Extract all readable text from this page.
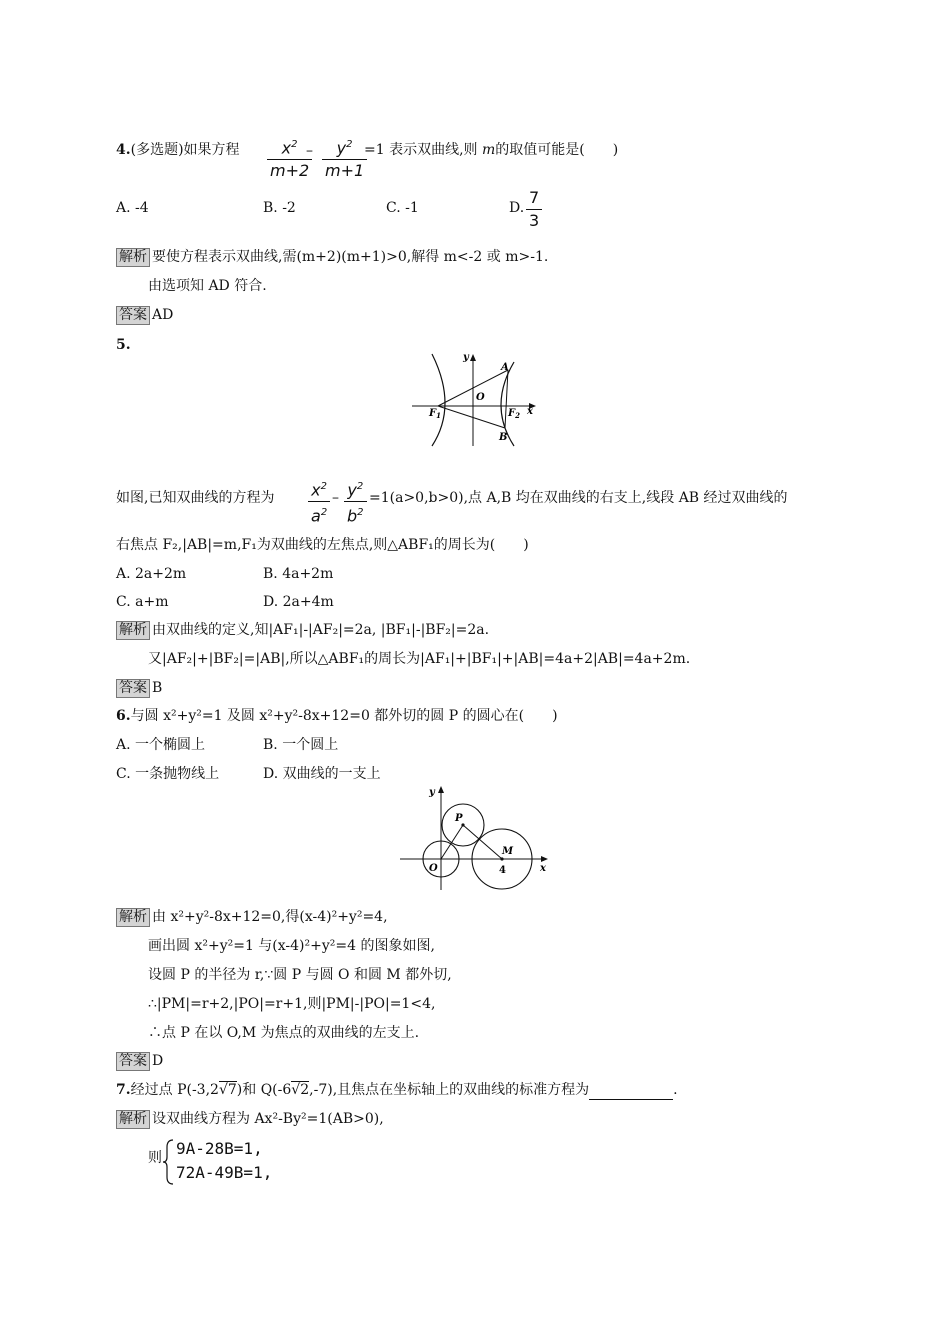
4.(多选题)如果方程 $\frac{x^2}{m+2}$
– $\frac{y^2}{m+1}$
=1 表示双曲线,则 m的取值可能是(　　)
A. -4	B. -2	C. -1	D. $\frac{7}{3}$
解析 要使方程表示双曲线,需(m+2)(m+1)>0,解得 m<-2 或 m>-1.
由选项知 AD 符合.
答案 AD
5.
y
A
O
$F_1$	$F_2$ x
B
如图,已知双曲线的方程为 $\frac{x^2}{a^2} - \frac{y^2}{b^2} =1(a>0,b>0)$,点 A,B 均在双曲线的右支上,线段 AB 经过双曲线的
右焦点 F₂,|AB|=m,F₁为双曲线的左焦点,则△ABF₁的周长为(　　)
A. 2a+2m	B. 4a+2m
C. a+m	D. 2a+4m
解析 由双曲线的定义,知|AF₁|-|AF₂|=2a, |BF₁|-|BF₂|=2a.
又|AF₂|+|BF₂|=|AB|,所以△ABF₁的周长为|AF₁|+|BF₁|+|AB|=4a+2|AB|=4a+2m.
答案 B
6.与圆 x²+y²=1 及圆 x²+y²-8x+12=0 都外切的圆 P 的圆心在(　　)
A. 一个椭圆上	B. 一个圆上
C. 一条抛物线上	D. 双曲线的一支上
y
P
M
O	4	x
解析 由 x²+y²-8x+12=0,得(x-4)²+y²=4,
画出圆 x²+y²=1 与(x-4)²+y²=4 的图象如图,
设圆 P 的半径为 r,∵圆 P 与圆 O 和圆 M 都外切,
∴|PM|=r+2,|PO|=r+1,则|PM|-|PO|=1<4,
∴点 P 在以 O,M 为焦点的双曲线的左支上.
答案 D
7.经过点 P(-3,2√7)和 Q(-6√2,-7),且焦点在坐标轴上的双曲线的标准方程为	.
解析 设双曲线方程为 Ax²-By²=1(AB>0),
则 9A-28B=1,
72A-49B=1,
